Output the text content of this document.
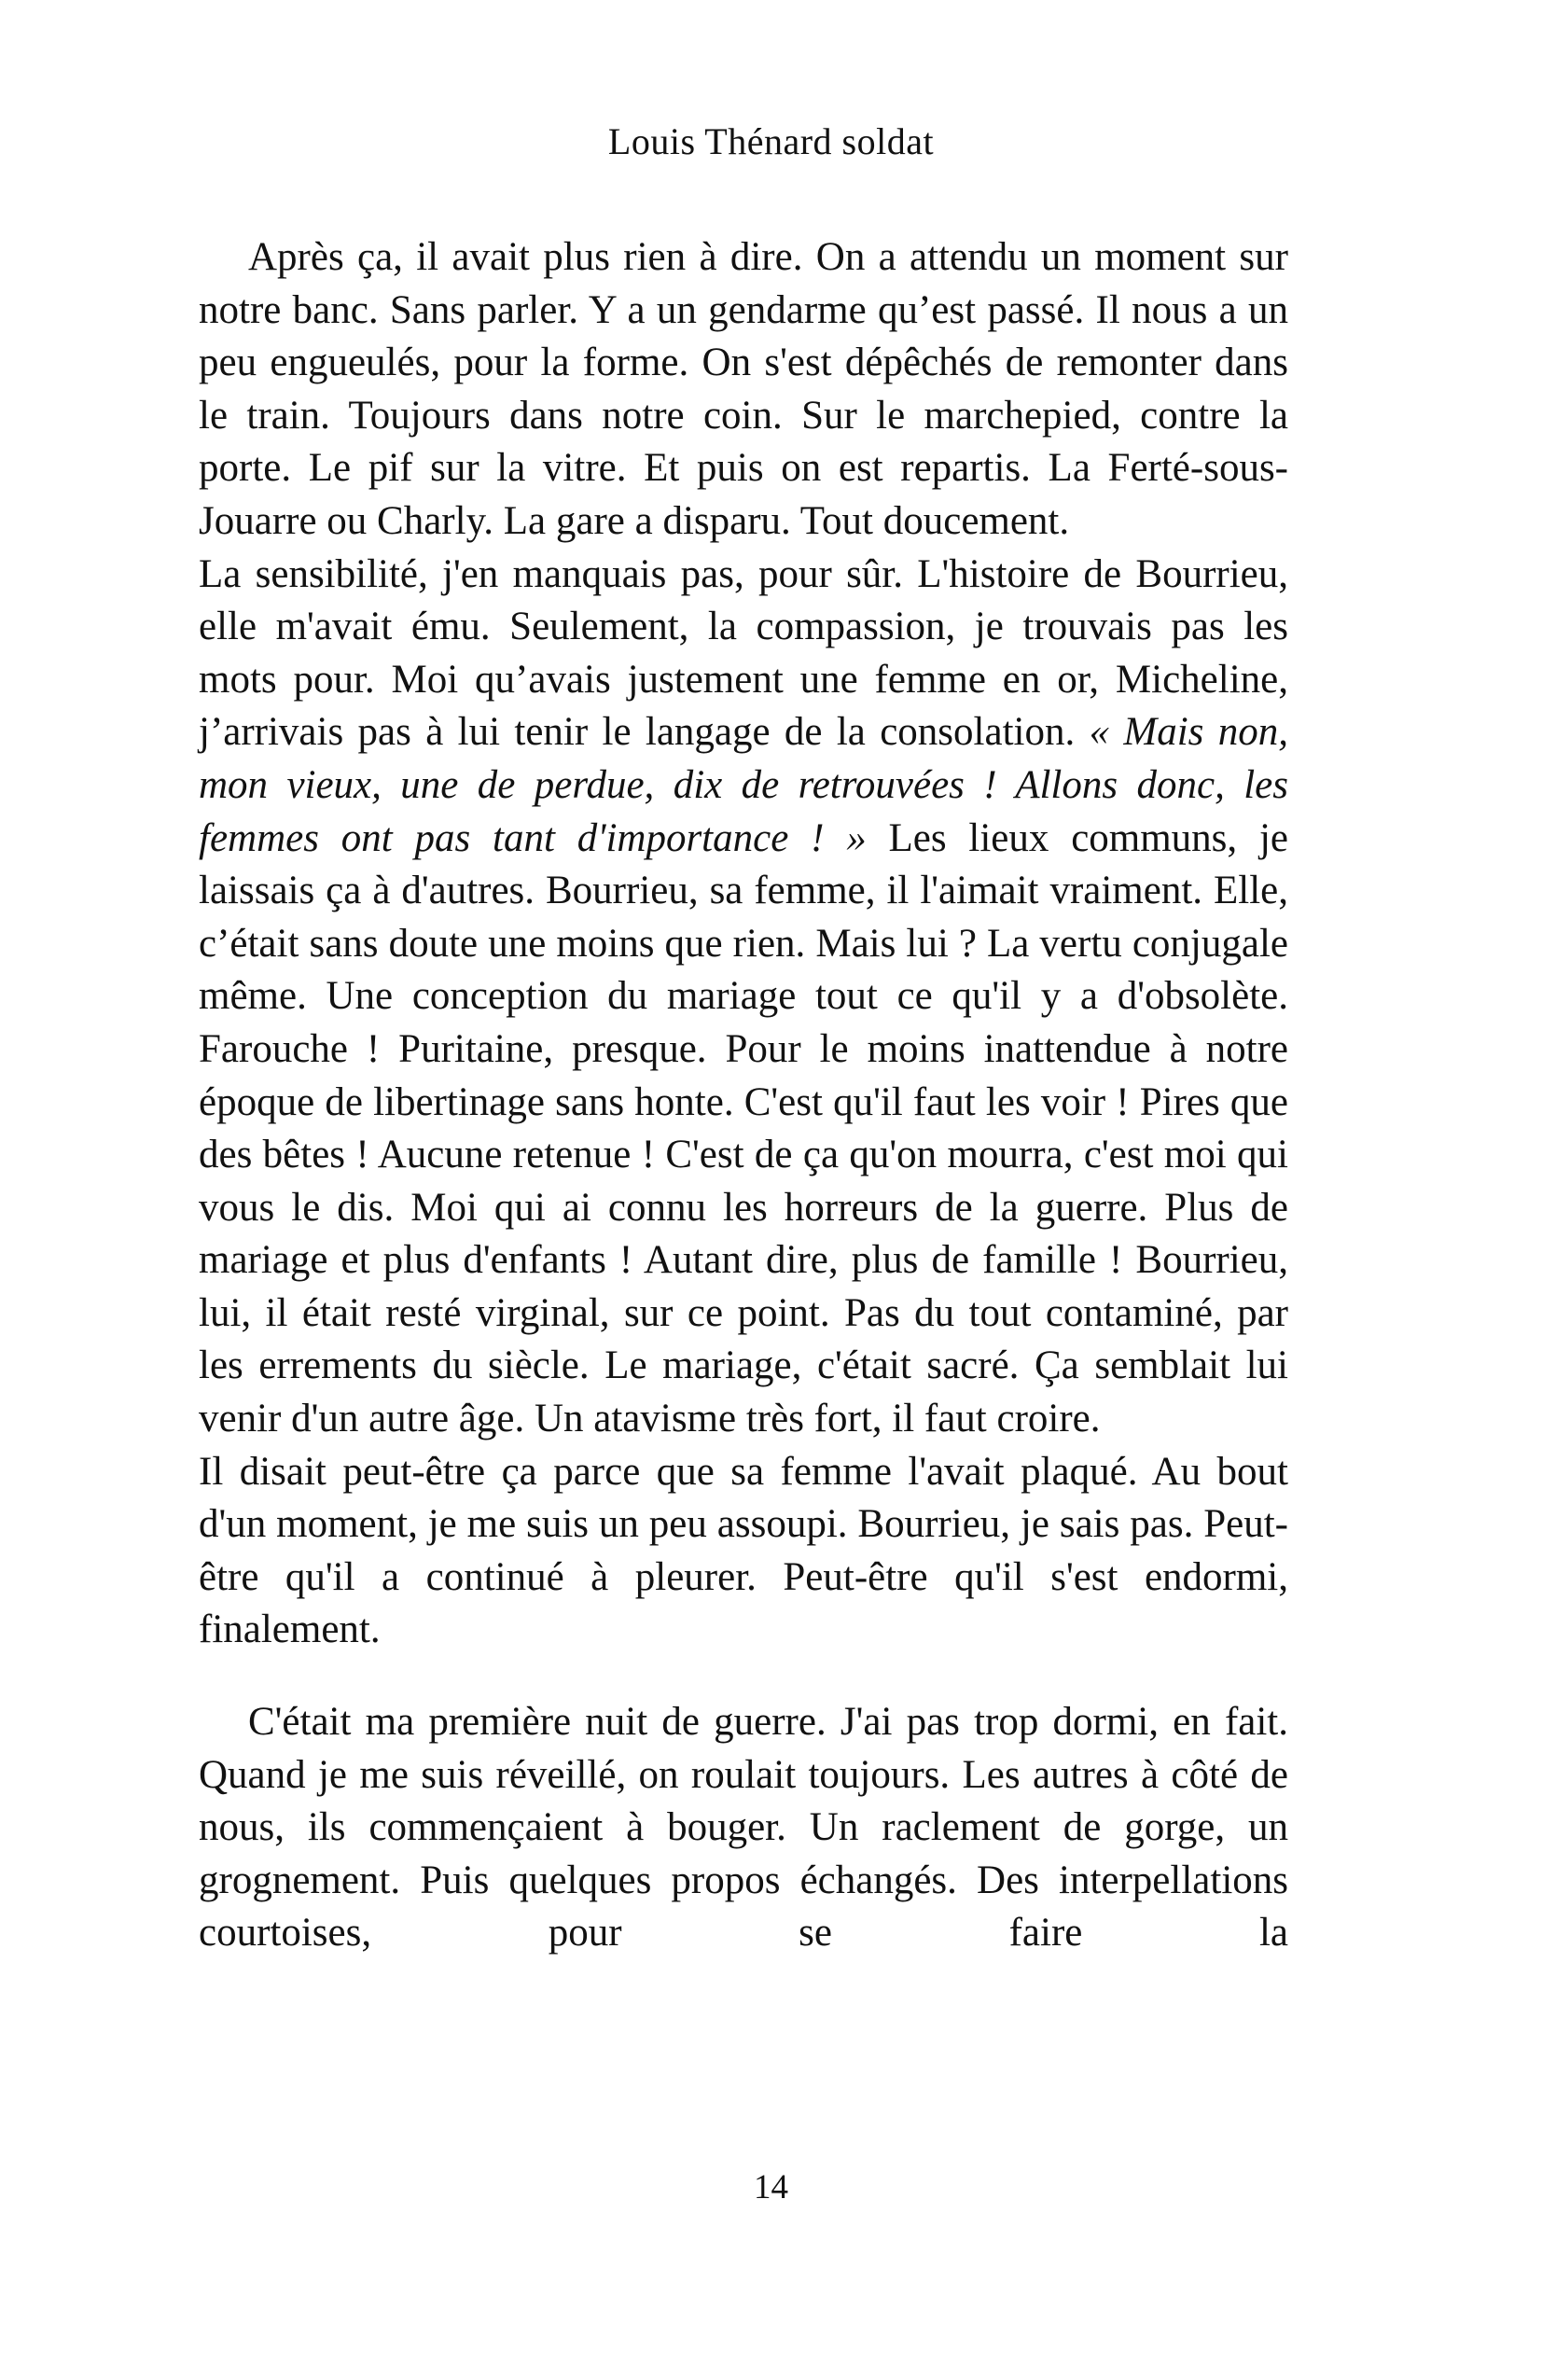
Louis Thénard soldat

Après ça, il avait plus rien à dire. On a attendu un moment sur notre banc. Sans parler. Y a un gendarme qu’est passé. Il nous a un peu engueulés, pour la forme. On s'est dépêchés de remonter dans le train. Toujours dans notre coin. Sur le marchepied, contre la porte. Le pif sur la vitre. Et puis on est repartis. La Ferté-sous-Jouarre ou Charly. La gare a disparu. Tout doucement.

La sensibilité, j'en manquais pas, pour sûr. L'histoire de Bourrieu, elle m'avait ému. Seulement, la compassion, je trouvais pas les mots pour. Moi qu’avais justement une femme en or, Micheline, j’arrivais pas à lui tenir le langage de la consolation. « Mais non, mon vieux, une de perdue, dix de retrouvées ! Allons donc, les femmes ont pas tant d'importance ! » Les lieux communs, je laissais ça à d'autres. Bourrieu, sa femme, il l'aimait vraiment. Elle, c’était sans doute une moins que rien. Mais lui ? La vertu conjugale même. Une conception du mariage tout ce qu'il y a d'obsolète. Farouche ! Puritaine, presque. Pour le moins inattendue à notre époque de libertinage sans honte. C'est qu'il faut les voir ! Pires que des bêtes ! Aucune retenue ! C'est de ça qu'on mourra, c'est moi qui vous le dis. Moi qui ai connu les horreurs de la guerre. Plus de mariage et plus d'enfants ! Autant dire, plus de famille ! Bourrieu, lui, il était resté virginal, sur ce point. Pas du tout contaminé, par les errements du siècle. Le mariage, c'était sacré. Ça semblait lui venir d'un autre âge. Un atavisme très fort, il faut croire.

Il disait peut-être ça parce que sa femme l'avait plaqué. Au bout d'un moment, je me suis un peu assoupi. Bourrieu, je sais pas. Peut-être qu'il a continué à pleurer. Peut-être qu'il s'est endormi, finalement.

C'était ma première nuit de guerre. J'ai pas trop dormi, en fait. Quand je me suis réveillé, on roulait toujours. Les autres à côté de nous, ils commençaient à bouger. Un raclement de gorge, un grognement. Puis quelques propos échangés. Des interpellations courtoises, pour se faire la

14
